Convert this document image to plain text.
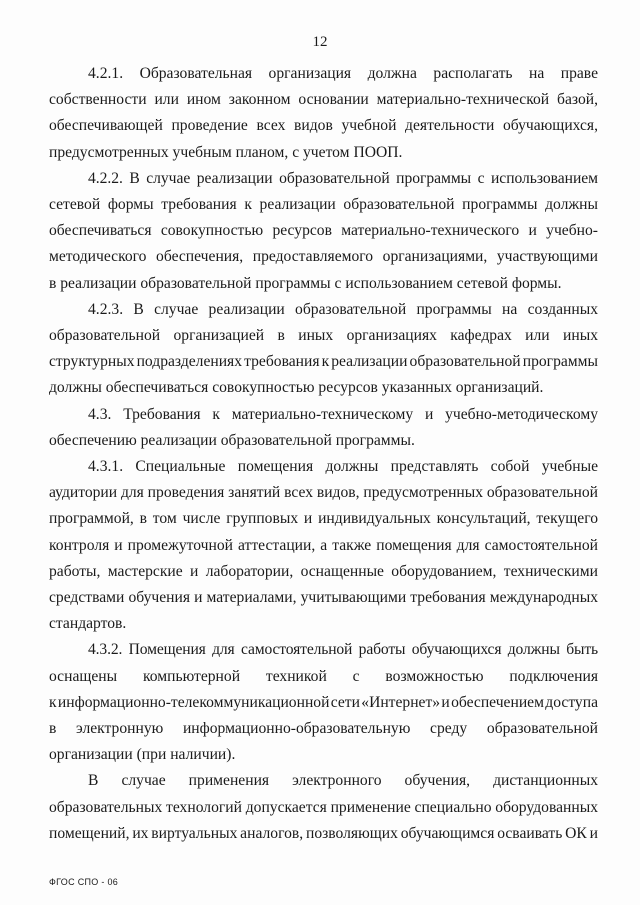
12

4.2.1. Образовательная организация должна располагать на праве
собственности или ином законном основании материально-технической базой,
обеспечивающей проведение всех видов учебной деятельности обучающихся,
предусмотренных учебным планом, с учетом ПООП.

4.2.2. В случае реализации образовательной программы с использованием
сетевой формы требования к реализации образовательной программы должны
обеспечиваться совокупностью ресурсов материально-технического и учебно-
методического обеспечения, предоставляемого организациями, участвующими
в реализации образовательной программы с использованием сетевой формы.

4.2.3. В случае реализации образовательной программы на созданных
образовательной организацией в иных организациях кафедрах или иных
структурных подразделениях требования к реализации образовательной программы
должны обеспечиваться совокупностью ресурсов указанных организаций.

4.3. Требования к материально-техническому и учебно-методическому
обеспечению реализации образовательной программы.

4.3.1. Специальные помещения должны представлять собой учебные
аудитории для проведения занятий всех видов, предусмотренных образовательной
программой, в том числе групповых и индивидуальных консультаций, текущего
контроля и промежуточной аттестации, а также помещения для самостоятельной
работы, мастерские и лаборатории, оснащенные оборудованием, техническими
средствами обучения и материалами, учитывающими требования международных
стандартов.

4.3.2. Помещения для самостоятельной работы обучающихся должны быть
оснащены компьютерной техникой с возможностью подключения
к информационно-телекоммуникационной сети «Интернет» и обеспечением доступа
в электронную информационно-образовательную среду образовательной
организации (при наличии).

В случае применения электронного обучения, дистанционных
образовательных технологий допускается применение специально оборудованных
помещений, их виртуальных аналогов, позволяющих обучающимся осваивать ОК и

ФГОС СПО - 06
